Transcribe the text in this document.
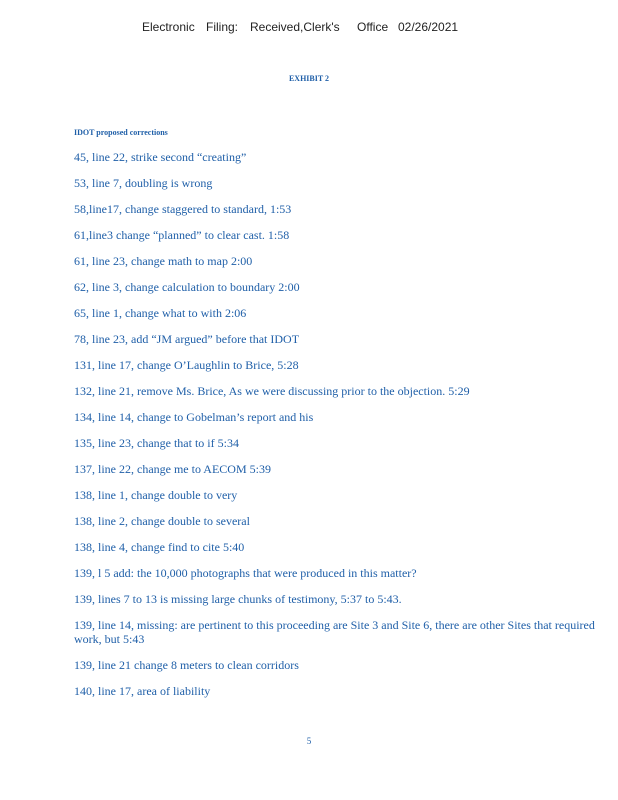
Electronic Filing: Received,Clerk's Office 02/26/2021
EXHIBIT 2
IDOT proposed corrections
45, line 22, strike second “creating”
53, line 7, doubling is wrong
58,line17, change staggered to standard, 1:53
61,line3 change “planned” to clear cast. 1:58
61, line 23, change math to map 2:00
62, line 3, change calculation to boundary 2:00
65, line 1, change what to with 2:06
78, line 23, add “JM argued” before that IDOT
131, line 17, change O’Laughlin to Brice, 5:28
132, line 21, remove Ms. Brice, As we were discussing prior to the objection. 5:29
134, line 14, change to Gobelman’s report and his
135, line 23, change that to if 5:34
137, line 22, change me to AECOM 5:39
138, line 1, change double to very
138, line 2, change double to several
138, line 4, change find to cite 5:40
139, l 5 add: the 10,000 photographs that were produced in this matter?
139, lines 7 to 13 is missing large chunks of testimony, 5:37 to 5:43.
139, line 14, missing: are pertinent to this proceeding are Site 3 and Site 6, there are other Sites that required work, but 5:43
139, line 21 change 8 meters to clean corridors
140, line 17, area of liability
5
